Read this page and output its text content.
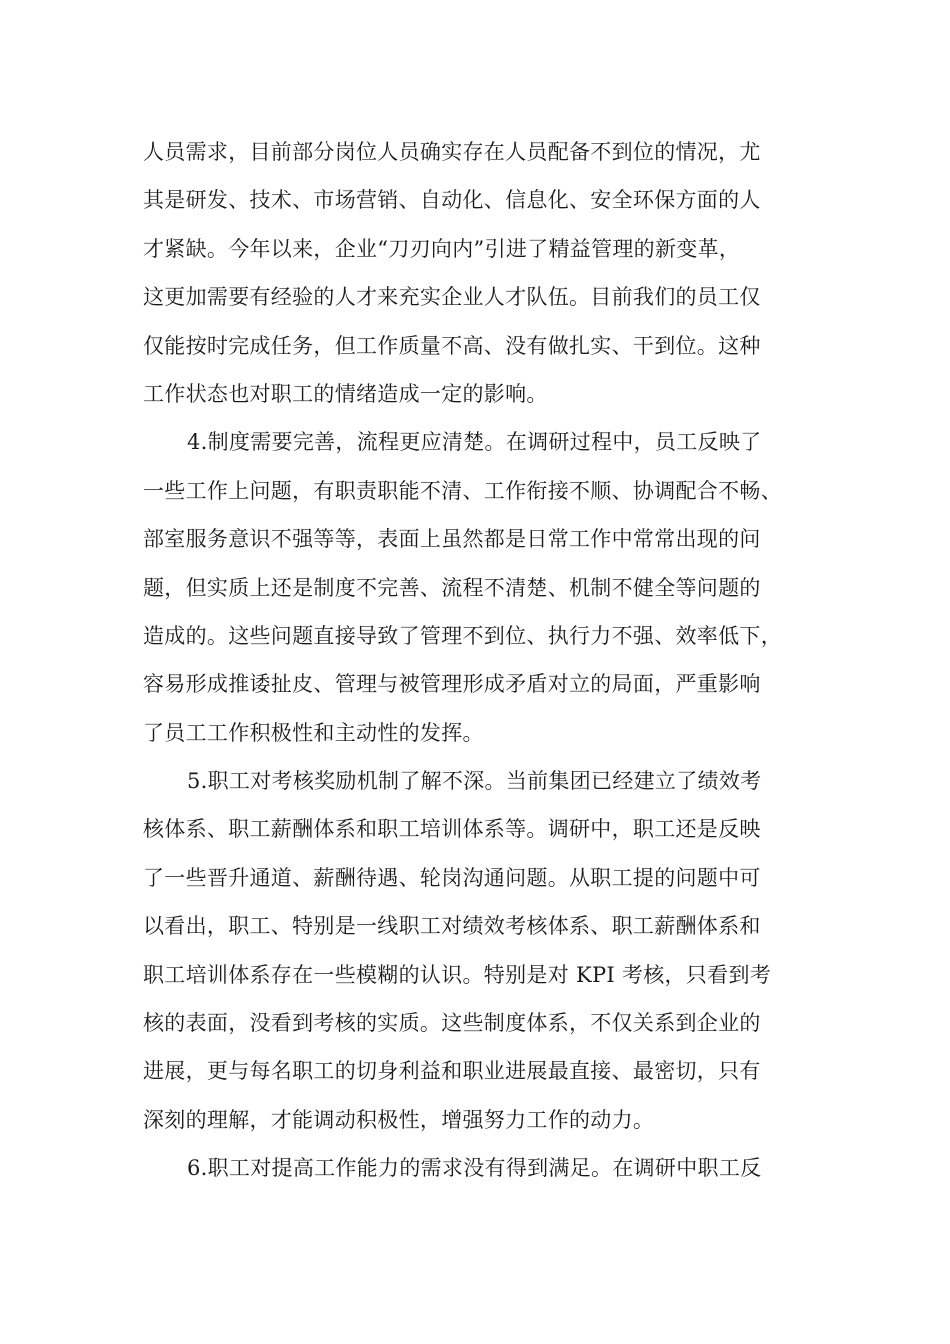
人员需求，目前部分岗位人员确实存在人员配备不到位的情况，尤
其是研发、技术、市场营销、自动化、信息化、安全环保方面的人
才紧缺。今年以来，企业“刀刃向内”引进了精益管理的新变革，
这更加需要有经验的人才来充实企业人才队伍。目前我们的员工仅
仅能按时完成任务，但工作质量不高、没有做扎实、干到位。这种
工作状态也对职工的情绪造成一定的影响。
4.制度需要完善，流程更应清楚。在调研过程中，员工反映了
一些工作上问题，有职责职能不清、工作衔接不顺、协调配合不畅、
部室服务意识不强等等，表面上虽然都是日常工作中常常出现的问
题，但实质上还是制度不完善、流程不清楚、机制不健全等问题的
造成的。这些问题直接导致了管理不到位、执行力不强、效率低下，
容易形成推诿扯皮、管理与被管理形成矛盾对立的局面，严重影响
了员工工作积极性和主动性的发挥。
5.职工对考核奖励机制了解不深。当前集团已经建立了绩效考
核体系、职工薪酬体系和职工培训体系等。调研中，职工还是反映
了一些晋升通道、薪酬待遇、轮岗沟通问题。从职工提的问题中可
以看出，职工、特别是一线职工对绩效考核体系、职工薪酬体系和
职工培训体系存在一些模糊的认识。特别是对 KPI 考核，只看到考
核的表面，没看到考核的实质。这些制度体系，不仅关系到企业的
进展，更与每名职工的切身利益和职业进展最直接、最密切，只有
深刻的理解，才能调动积极性，增强努力工作的动力。
6.职工对提高工作能力的需求没有得到满足。在调研中职工反
